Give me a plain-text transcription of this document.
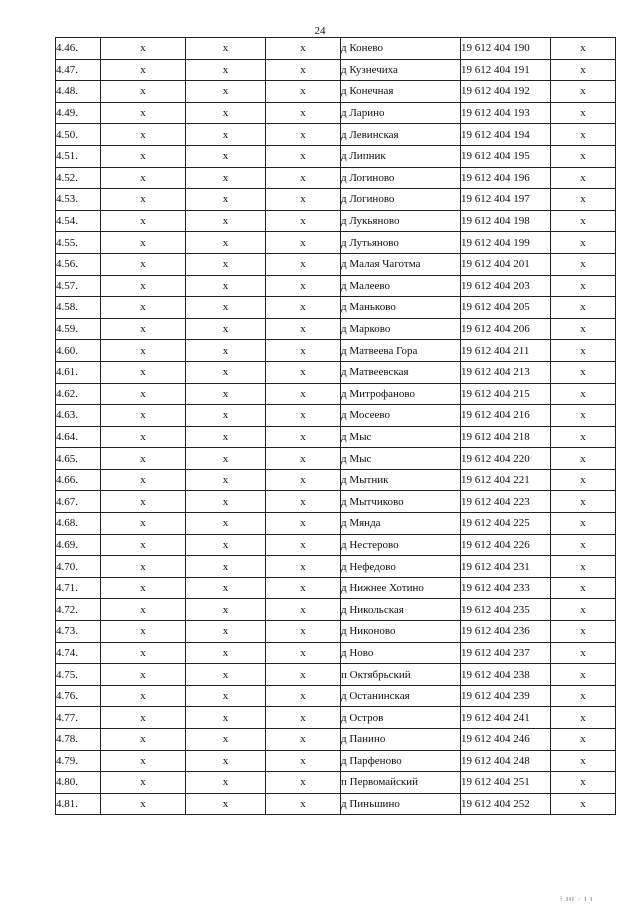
24
4.46.	x	x	x	д Конево	19 612 404 190	x
4.47.	x	x	x	д Кузнечиха	19 612 404 191	x
4.48.	x	x	x	д Конечная	19 612 404 192	x
4.49.	x	x	x	д Ларино	19 612 404 193	x
4.50.	x	x	x	д Левинская	19 612 404 194	x
4.51.	x	x	x	д Липник	19 612 404 195	x
4.52.	x	x	x	д Логиново	19 612 404 196	x
4.53.	x	x	x	д Логиново	19 612 404 197	x
4.54.	x	x	x	д Лукьяново	19 612 404 198	x
4.55.	x	x	x	д Лутьяново	19 612 404 199	x
4.56.	x	x	x	д Малая Чаготма	19 612 404 201	x
4.57.	x	x	x	д Малеево	19 612 404 203	x
4.58.	x	x	x	д Маньково	19 612 404 205	x
4.59.	x	x	x	д Марково	19 612 404 206	x
4.60.	x	x	x	д Матвеева Гора	19 612 404 211	x
4.61.	x	x	x	д Матвеевская	19 612 404 213	x
4.62.	x	x	x	д Митрофаново	19 612 404 215	x
4.63.	x	x	x	д Мосеево	19 612 404 216	x
4.64.	x	x	x	д Мыс	19 612 404 218	x
4.65.	x	x	x	д Мыс	19 612 404 220	x
4.66.	x	x	x	д Мытник	19 612 404 221	x
4.67.	x	x	x	д Мытчиково	19 612 404 223	x
4.68.	x	x	x	д Мянда	19 612 404 225	x
4.69.	x	x	x	д Нестерово	19 612 404 226	x
4.70.	x	x	x	д Нефедово	19 612 404 231	x
4.71.	x	x	x	д Нижнее Хотино	19 612 404 233	x
4.72.	x	x	x	д Никольская	19 612 404 235	x
4.73.	x	x	x	д Никоново	19 612 404 236	x
4.74.	x	x	x	д Ново	19 612 404 237	x
4.75.	x	x	x	п Октябрьский	19 612 404 238	x
4.76.	x	x	x	д Останинская	19 612 404 239	x
4.77.	x	x	x	д Остров	19 612 404 241	x
4.78.	x	x	x	д Панино	19 612 404 246	x
4.79.	x	x	x	д Парфеново	19 612 404 248	x
4.80.	x	x	x	п Первомайский	19 612 404 251	x
4.81.	x	x	x	д Пиньшино	19 612 404 252	x
⁝ ııı · ı ı
